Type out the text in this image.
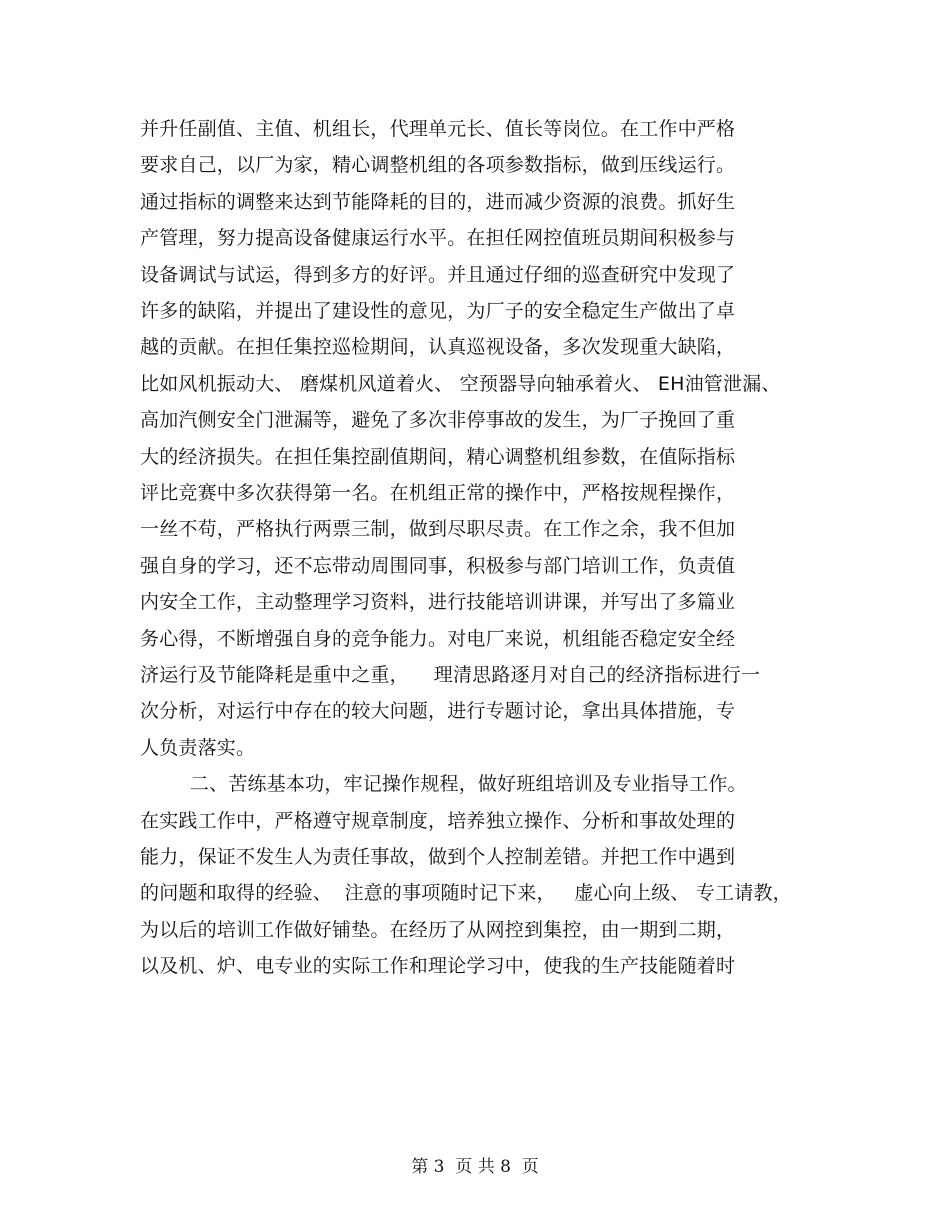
并升任副值、主值、机组长，代理单元长、值长等岗位。在工作中严格
要求自己，以厂为家，精心调整机组的各项参数指标，做到压线运行。
通过指标的调整来达到节能降耗的目的，进而减少资源的浪费。抓好生
产管理，努力提高设备健康运行水平。在担任网控值班员期间积极参与
设备调试与试运，得到多方的好评。并且通过仔细的巡查研究中发现了
许多的缺陷，并提出了建设性的意见，为厂子的安全稳定生产做出了卓
越的贡献。在担任集控巡检期间，认真巡视设备，多次发现重大缺陷，
比如风机振动大、 磨煤机风道着火、 空预器导向轴承着火、 EH油管泄漏、
高加汽侧安全门泄漏等，避免了多次非停事故的发生，为厂子挽回了重
大的经济损失。在担任集控副值期间，精心调整机组参数，在值际指标
评比竞赛中多次获得第一名。在机组正常的操作中，严格按规程操作，
一丝不苟，严格执行两票三制，做到尽职尽责。在工作之余，我不但加
强自身的学习，还不忘带动周围同事，积极参与部门培训工作，负责值
内安全工作，主动整理学习资料，进行技能培训讲课，并写出了多篇业
务心得，不断增强自身的竞争能力。对电厂来说，机组能否稳定安全经
济运行及节能降耗是重中之重，    理清思路逐月对自己的经济指标进行一
次分析，对运行中存在的较大问题，进行专题讨论，拿出具体措施，专
人负责落实。
二、苦练基本功，牢记操作规程，做好班组培训及专业指导工作。
在实践工作中，严格遵守规章制度，培养独立操作、分析和事故处理的
能力，保证不发生人为责任事故，做到个人控制差错。并把工作中遇到
的问题和取得的经验、  注意的事项随时记下来，   虚心向上级、 专工请教，
为以后的培训工作做好铺垫。在经历了从网控到集控，由一期到二期，
以及机、炉、电专业的实际工作和理论学习中，使我的生产技能随着时
第 3  页 共 8  页
